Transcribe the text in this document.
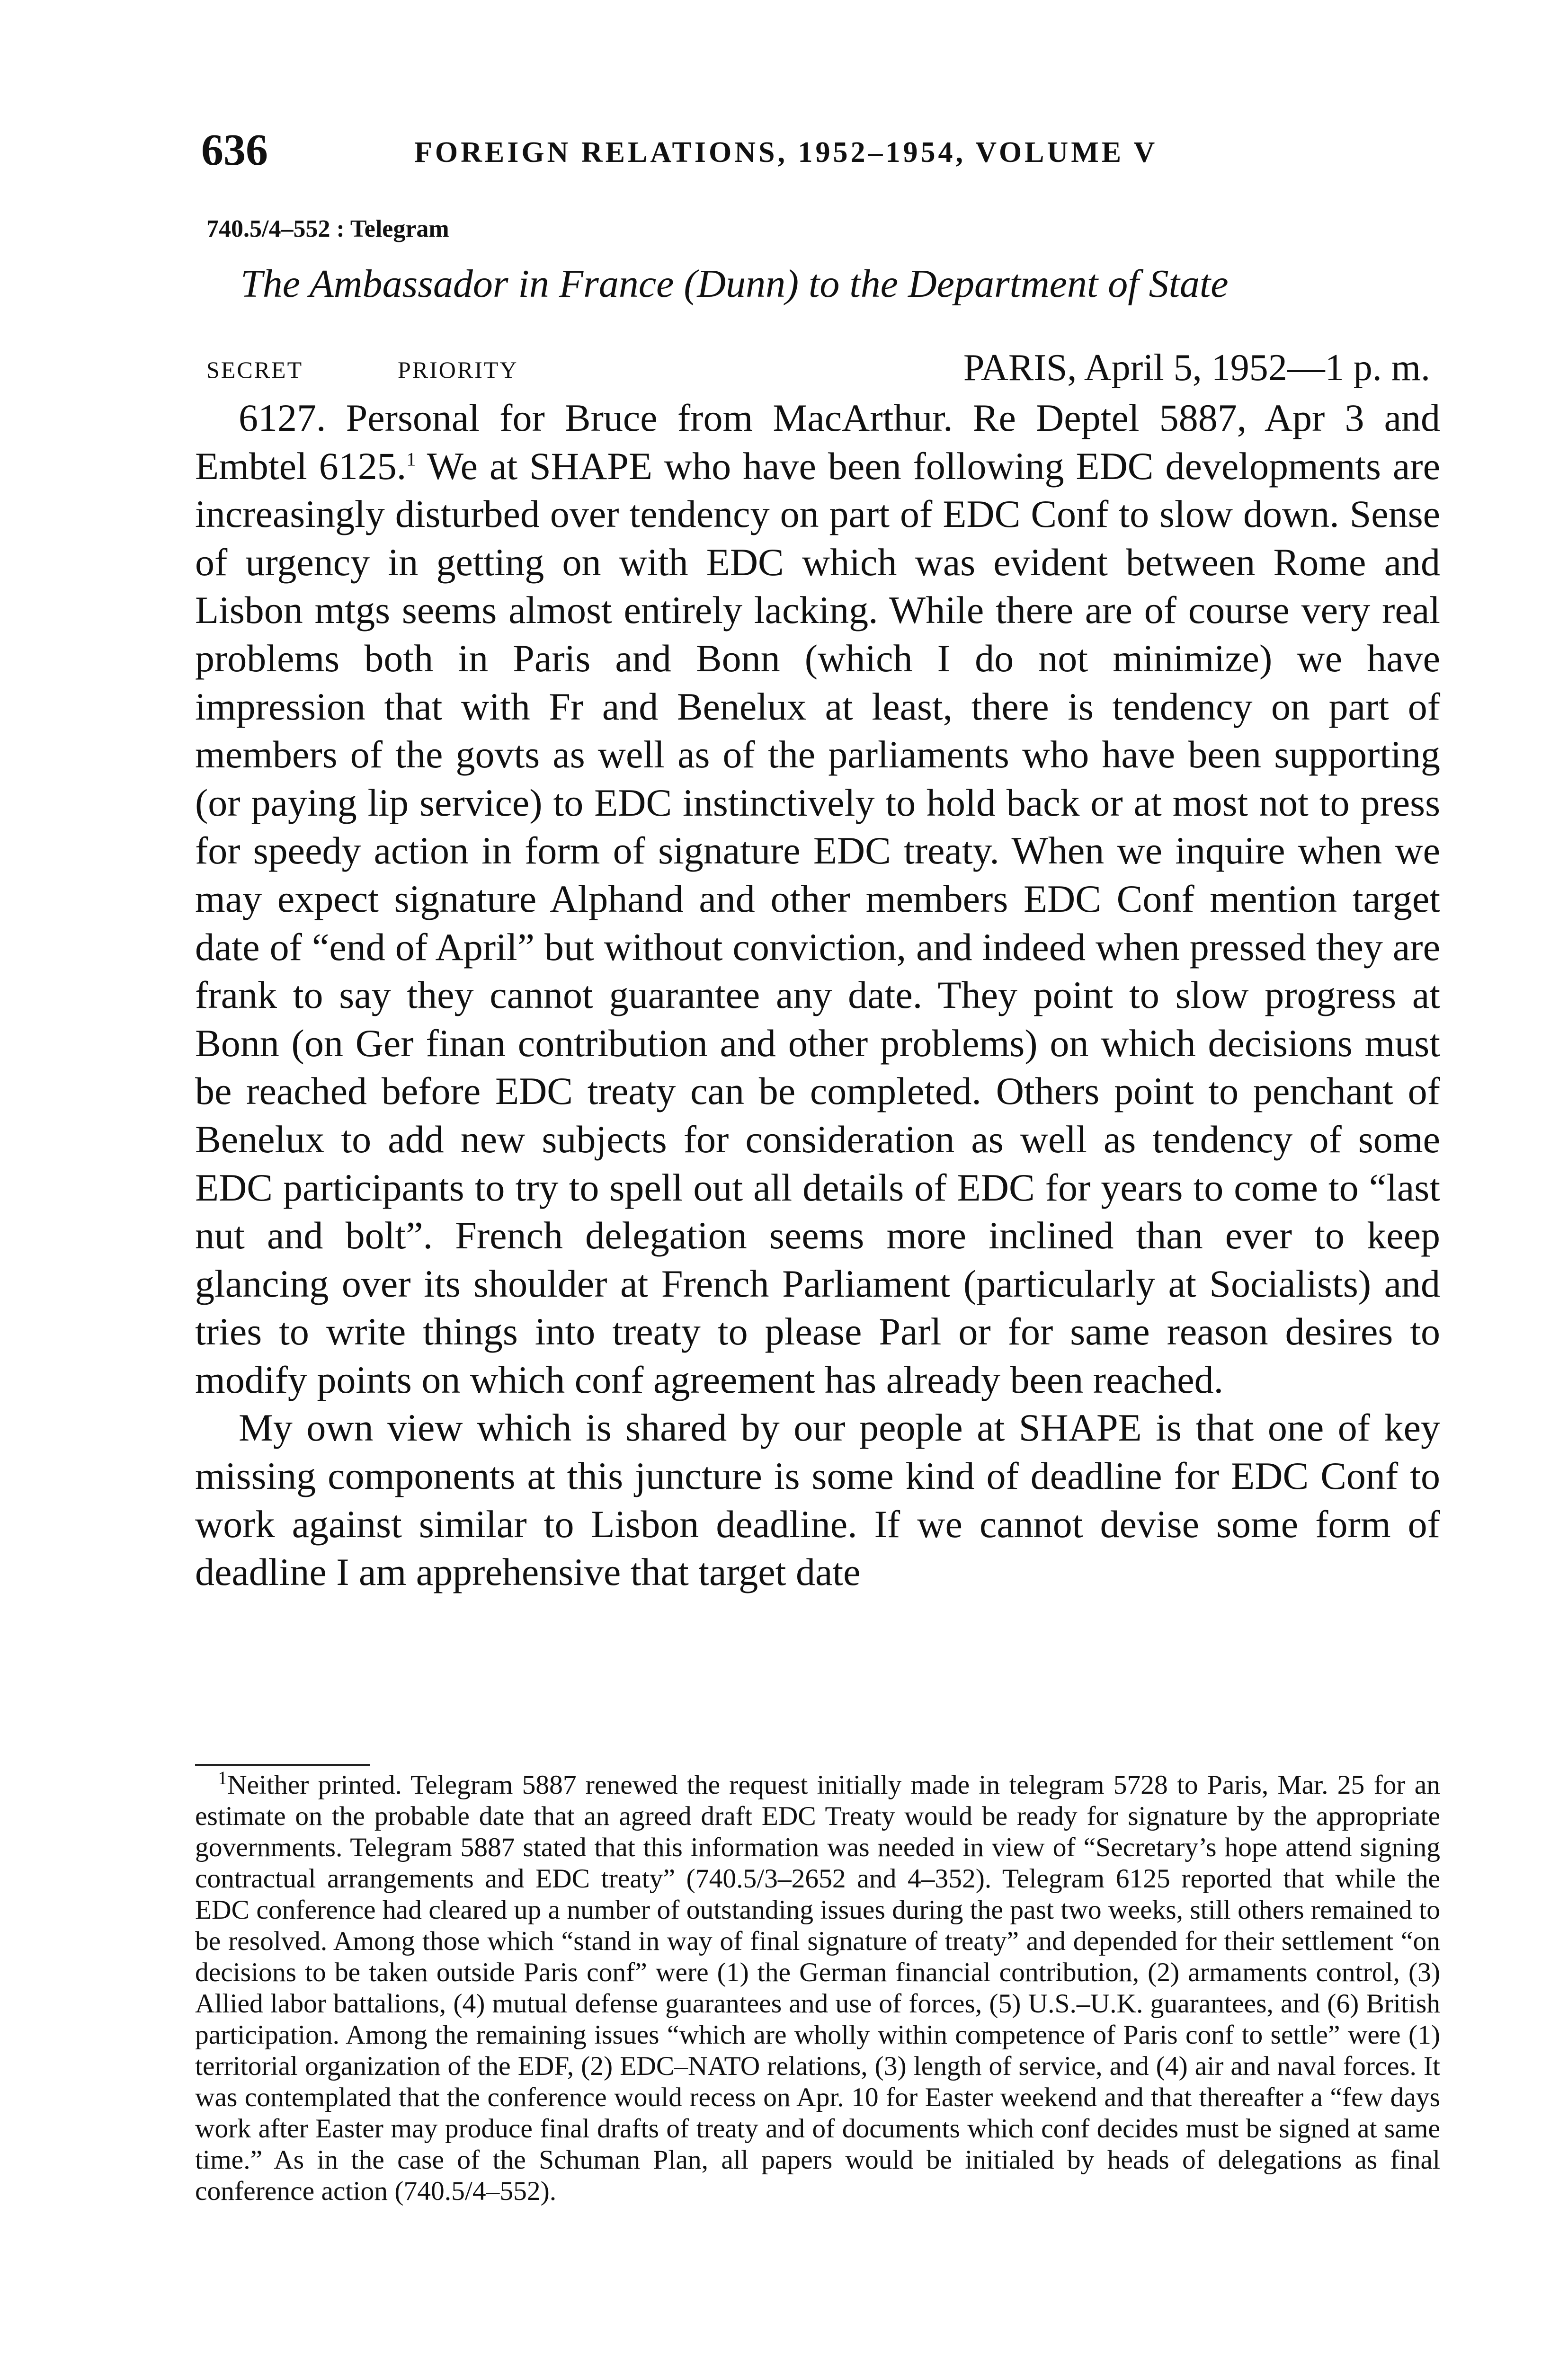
636	FOREIGN RELATIONS, 1952–1954, VOLUME V
740.5/4–552 : Telegram
The Ambassador in France (Dunn) to the Department of State
SECRET	PRIORITY	PARIS, April 5, 1952—1 p. m.

6127. Personal for Bruce from MacArthur. Re Deptel 5887, Apr 3 and Embtel 6125.$^1$ We at SHAPE who have been following EDC developments are increasingly disturbed over tendency on part of EDC Conf to slow down. Sense of urgency in getting on with EDC which was evident between Rome and Lisbon mtgs seems almost entirely lacking. While there are of course very real problems both in Paris and Bonn (which I do not minimize) we have impression that with Fr and Benelux at least, there is tendency on part of members of the govts as well as of the parliaments who have been supporting (or paying lip service) to EDC instinctively to hold back or at most not to press for speedy action in form of signature EDC treaty. When we inquire when we may expect signature Alphand and other members EDC Conf mention target date of “end of April” but without conviction, and indeed when pressed they are frank to say they cannot guarantee any date. They point to slow progress at Bonn (on Ger finan contribution and other problems) on which decisions must be reached before EDC treaty can be completed. Others point to penchant of Benelux to add new subjects for consideration as well as tendency of some EDC participants to try to spell out all details of EDC for years to come to “last nut and bolt”. French delegation seems more inclined than ever to keep glancing over its shoulder at French Parliament (particularly at Socialists) and tries to write things into treaty to please Parl or for same reason desires to modify points on which conf agreement has already been reached.

My own view which is shared by our people at SHAPE is that one of key missing components at this juncture is some kind of deadline for EDC Conf to work against similar to Lisbon deadline. If we cannot devise some form of deadline I am apprehensive that target date

$^1$Neither printed. Telegram 5887 renewed the request initially made in telegram 5728 to Paris, Mar. 25 for an estimate on the probable date that an agreed draft EDC Treaty would be ready for signature by the appropriate governments. Telegram 5887 stated that this information was needed in view of “Secretary’s hope attend signing contractual arrangements and EDC treaty” (740.5/3–2652 and 4–352). Telegram 6125 reported that while the EDC conference had cleared up a number of outstanding issues during the past two weeks, still others remained to be resolved. Among those which “stand in way of final signature of treaty” and depended for their settlement “on decisions to be taken outside Paris conf” were (1) the German financial contribution, (2) armaments control, (3) Allied labor battalions, (4) mutual defense guarantees and use of forces, (5) U.S.–U.K. guarantees, and (6) British participation. Among the remaining issues “which are wholly within competence of Paris conf to settle” were (1) territorial organization of the EDF, (2) EDC–NATO relations, (3) length of service, and (4) air and naval forces. It was contemplated that the conference would recess on Apr. 10 for Easter weekend and that thereafter a “few days work after Easter may produce final drafts of treaty and of documents which conf decides must be signed at same time.” As in the case of the Schuman Plan, all papers would be initialed by heads of delegations as final conference action (740.5/4–552).
